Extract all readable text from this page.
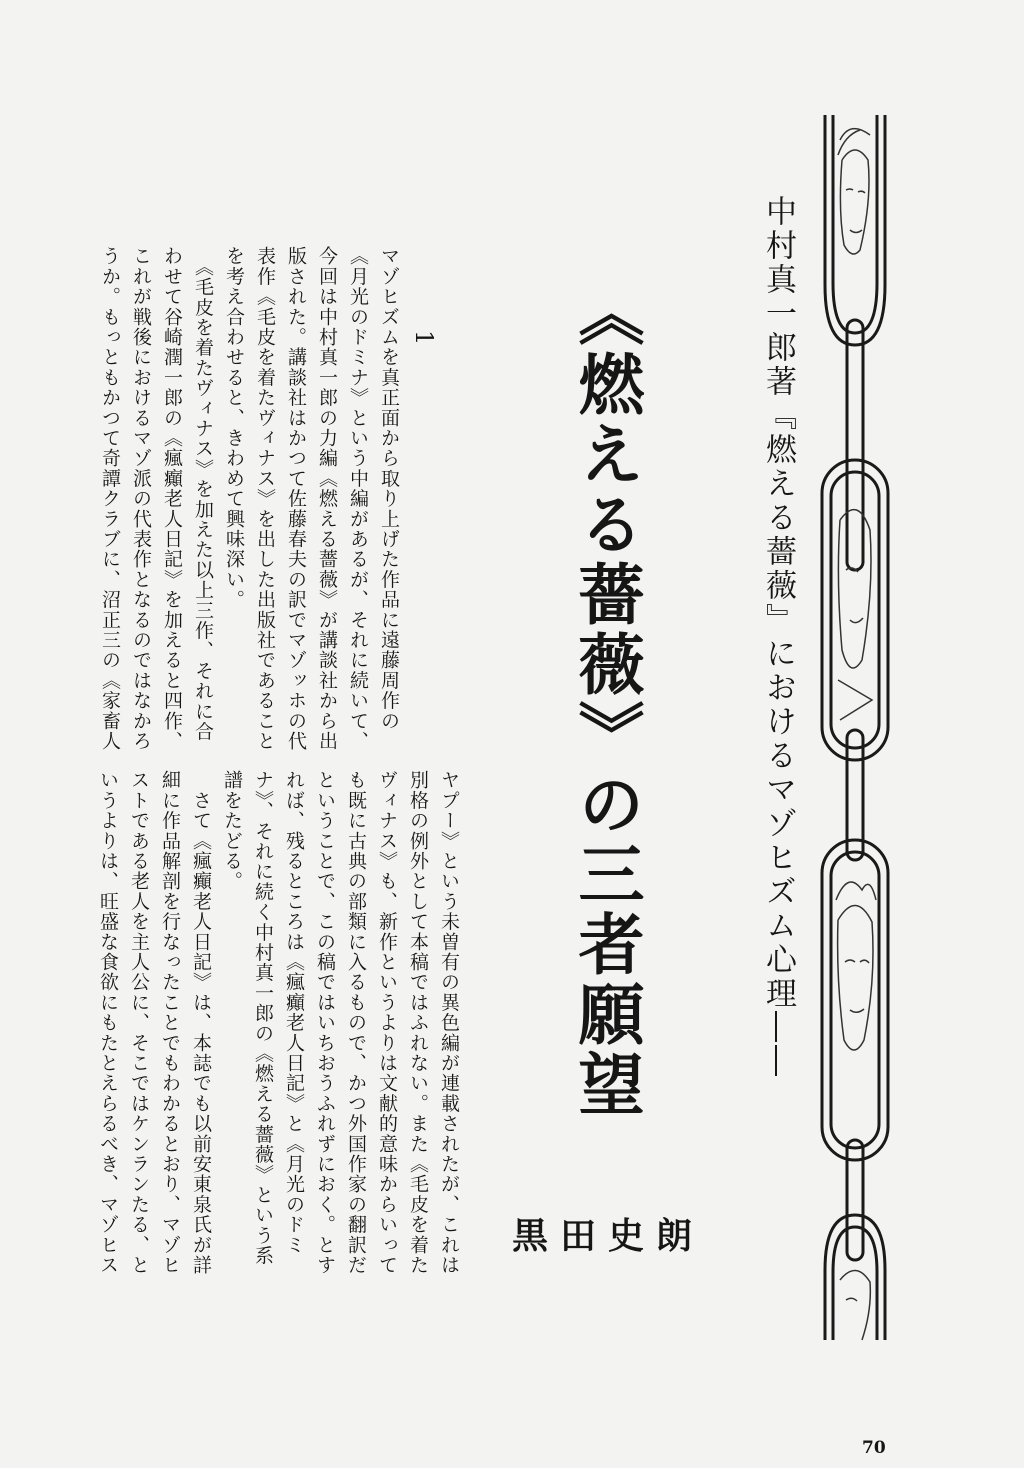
中村真一郎著『燃える薔薇』におけるマゾヒズム心理――
《燃える薔薇》の三者願望
黒田史朗
1
マゾヒズムを真正面から取り上げた作品に遠藤周作の
《月光のドミナ》という中編があるが、それに続いて、
今回は中村真一郎の力編《燃える薔薇》が講談社から出
版された。講談社はかつて佐藤春夫の訳でマゾッホの代
表作《毛皮を着たヴィナス》を出した出版社であること
を考え合わせると、きわめて興味深い。
　《毛皮を着たヴィナス》を加えた以上三作、それに合
わせて谷崎潤一郎の《瘋癲老人日記》を加えると四作、
これが戦後におけるマゾ派の代表作となるのではなかろ
うか。もっともかつて奇譚クラブに、沼正三の《家畜人
ヤプー》という未曽有の異色編が連載されたが、これは
別格の例外として本稿ではふれない。また《毛皮を着た
ヴィナス》も、新作というよりは文献的意味からいって
も既に古典の部類に入るもので、かつ外国作家の翻訳だ
ということで、この稿ではいちおうふれずにおく。とす
れば、残るところは《瘋癲老人日記》と《月光のドミ
ナ》、それに続く中村真一郎の《燃える薔薇》という系
譜をたどる。
　さて《瘋癲老人日記》は、本誌でも以前安東泉氏が詳
細に作品解剖を行なったことでもわかるとおり、マゾヒ
ストである老人を主人公に、そこではケンランたる、と
いうよりは、旺盛な食欲にもたとえらるべき、マゾヒス
70
